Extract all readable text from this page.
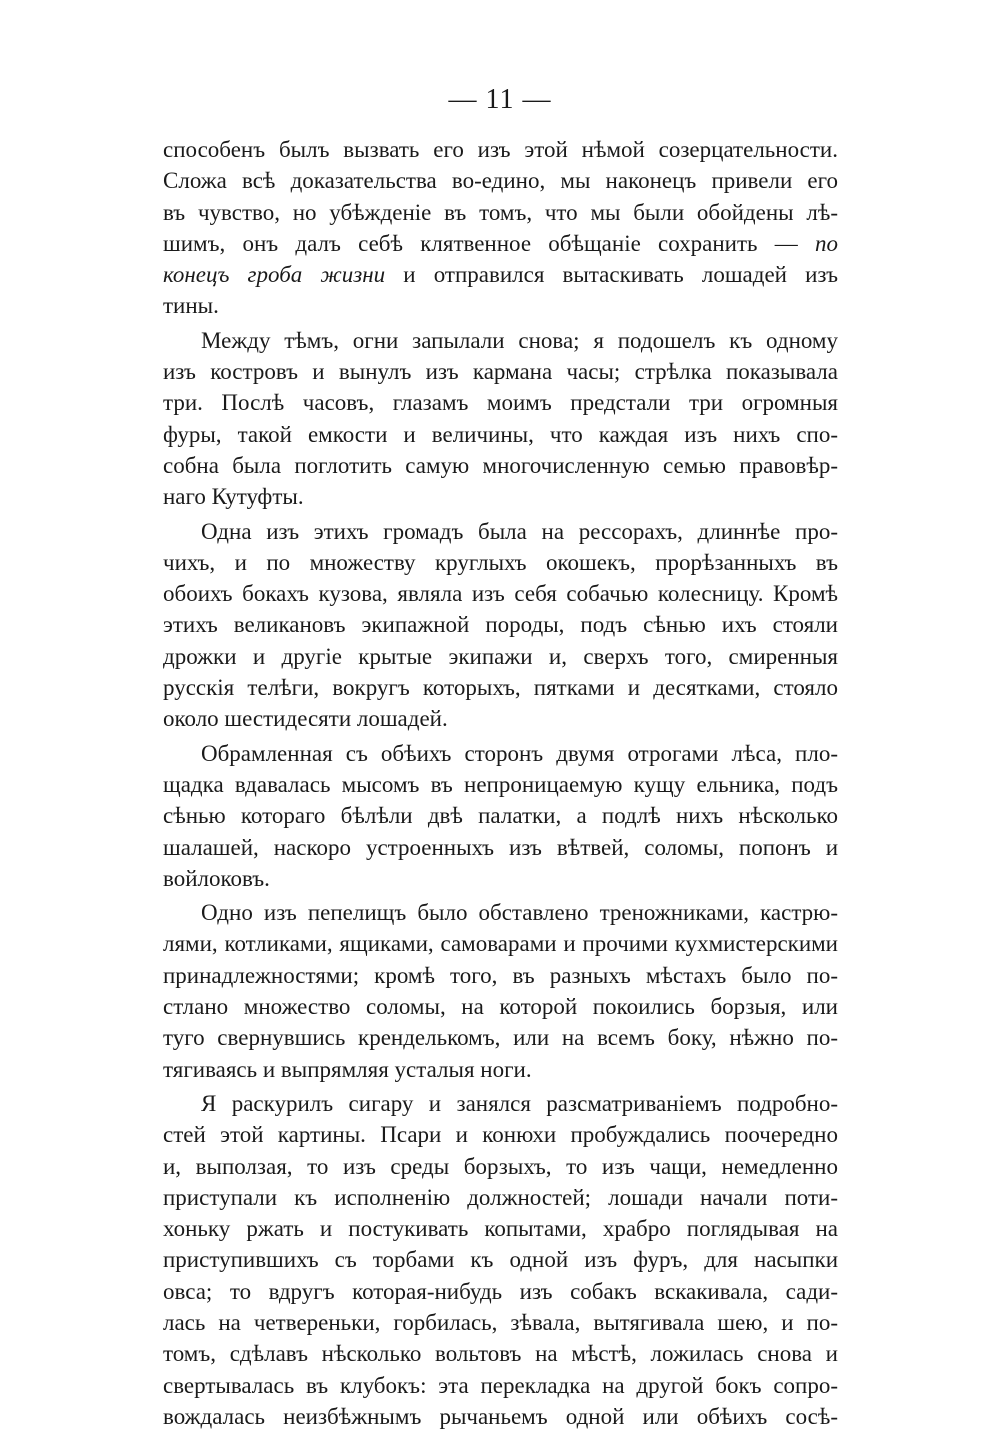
— 11 —
способенъ былъ вызвать его изъ этой нѣмой созерцательности.
Сложа всѣ доказательства во-едино, мы наконецъ привели его
въ чувство, но убѣжденіе въ томъ, что мы были обойдены лѣ-
шимъ, онъ далъ себѣ клятвенное обѣщаніе сохранить — по
конецъ гроба жизни и отправился вытаскивать лошадей изъ
тины.
Между тѣмъ, огни запылали снова; я подошелъ къ одному
изъ костровъ и вынулъ изъ кармана часы; стрѣлка показывала
три. Послѣ часовъ, глазамъ моимъ предстали три огромныя
фуры, такой емкости и величины, что каждая изъ нихъ спо-
собна была поглотить самую многочисленную семью правовѣр-
наго Кутуфты.
Одна изъ этихъ громадъ была на рессорахъ, длиннѣе про-
чихъ, и по множеству круглыхъ окошекъ, прорѣзанныхъ въ
обоихъ бокахъ кузова, являла изъ себя собачью колесницу. Кромѣ
этихъ великановъ экипажной породы, подъ сѣнью ихъ стояли
дрожки и другіе крытые экипажи и, сверхъ того, смиренныя
русскія телѣги, вокругъ которыхъ, пятками и десятками, стояло
около шестидесяти лошадей.
Обрамленная съ обѣихъ сторонъ двумя отрогами лѣса, пло-
щадка вдавалась мысомъ въ непроницаемую кущу ельника, подъ
сѣнью котораго бѣлѣли двѣ палатки, а подлѣ нихъ нѣсколько
шалашей, наскоро устроенныхъ изъ вѣтвей, соломы, попонъ и
войлоковъ.
Одно изъ пепелищъ было обставлено треножниками, кастрю-
лями, котликами, ящиками, самоварами и прочими кухмистерскими
принадлежностями; кромѣ того, въ разныхъ мѣстахъ было по-
стлано множество соломы, на которой покоились борзыя, или
туго свернувшись кренделькомъ, или на всемъ боку, нѣжно по-
тягиваясь и выпрямляя усталыя ноги.
Я раскурилъ сигару и занялся разсматриваніемъ подробно-
стей этой картины. Псари и конюхи пробуждались поочередно
и, выползая, то изъ среды борзыхъ, то изъ чащи, немедленно
приступали къ исполненію должностей; лошади начали поти-
хоньку ржать и постукивать копытами, храбро поглядывая на
приступившихъ съ торбами къ одной изъ фуръ, для насыпки
овса; то вдругъ которая-нибудь изъ собакъ вскакивала, сади-
лась на четвереньки, горбилась, зѣвала, вытягивала шею, и по-
томъ, сдѣлавъ нѣсколько вольтовъ на мѣстѣ, ложилась снова и
свертывалась въ клубокъ: эта перекладка на другой бокъ сопро-
вождалась неизбѣжнымъ рычаньемъ одной или обѣихъ сосѣ-
